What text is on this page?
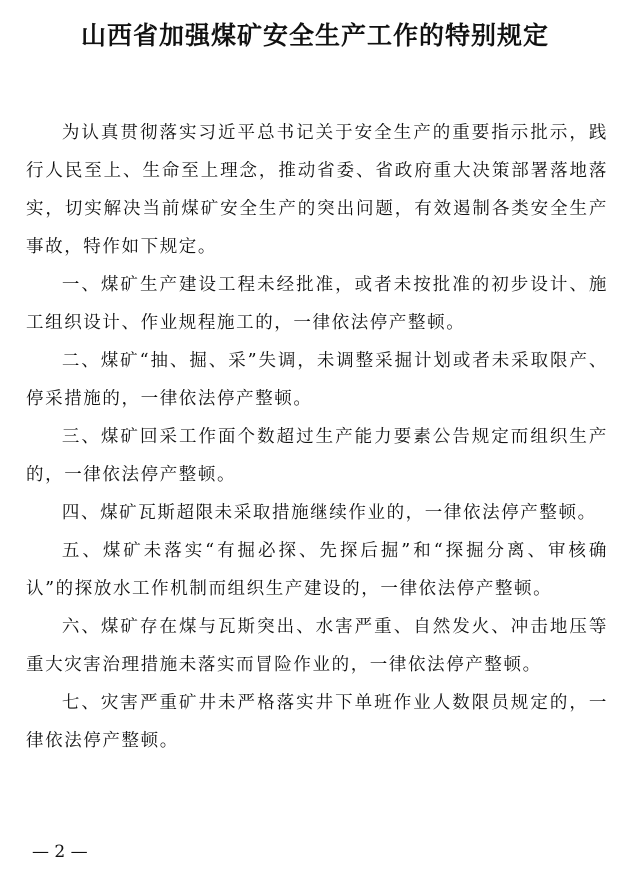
山西省加强煤矿安全生产工作的特别规定

为认真贯彻落实习近平总书记关于安全生产的重要指示批示，践行人民至上、生命至上理念，推动省委、省政府重大决策部署落地落实，切实解决当前煤矿安全生产的突出问题，有效遏制各类安全生产事故，特作如下规定。

一、煤矿生产建设工程未经批准，或者未按批准的初步设计、施工组织设计、作业规程施工的，一律依法停产整顿。

二、煤矿“抽、掘、采”失调，未调整采掘计划或者未采取限产、停采措施的，一律依法停产整顿。

三、煤矿回采工作面个数超过生产能力要素公告规定而组织生产的，一律依法停产整顿。

四、煤矿瓦斯超限未采取措施继续作业的，一律依法停产整顿。

五、煤矿未落实“有掘必探、先探后掘”和“探掘分离、审核确认”的探放水工作机制而组织生产建设的，一律依法停产整顿。

六、煤矿存在煤与瓦斯突出、水害严重、自然发火、冲击地压等重大灾害治理措施未落实而冒险作业的，一律依法停产整顿。

七、灾害严重矿井未严格落实井下单班作业人数限员规定的，一律依法停产整顿。

— 2 —
